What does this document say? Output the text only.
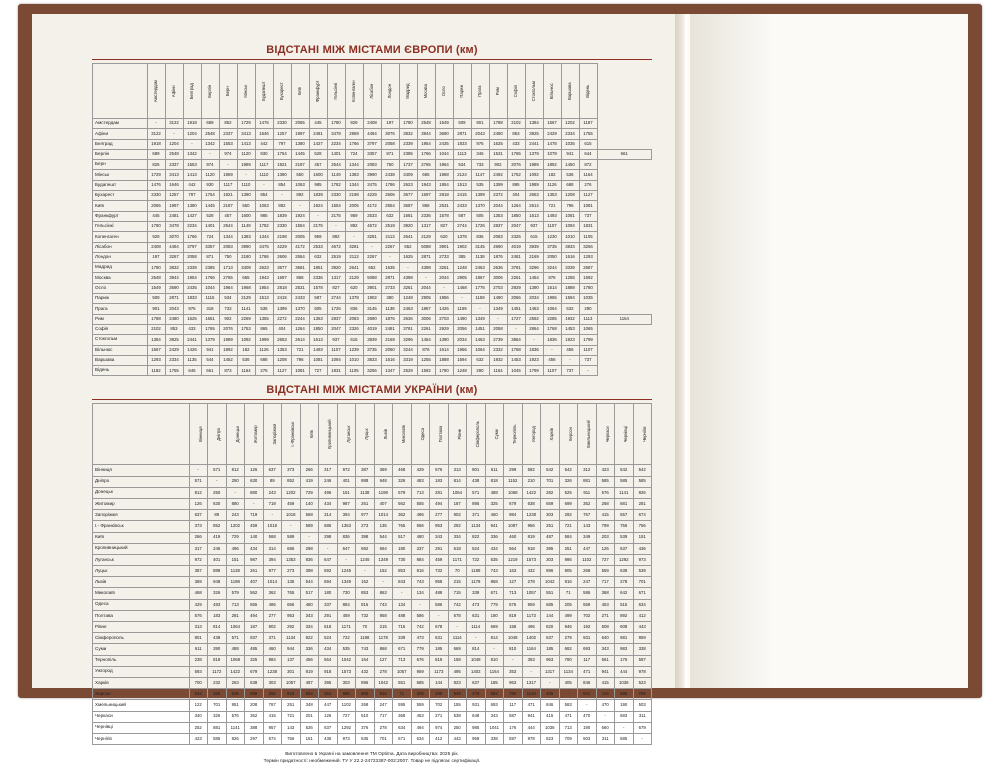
ВІДСТАНІ МІЖ МІСТАМИ ЄВРОПИ (км)

	Амстердам	Афіни	Белград	Берлін	Берн	Мінськ	Будапешт	Бухарест	Київ	Франкфурт	Гельсінкі	Копенгаген	Лісабон	Лондон	Мадрид	Москва	Осло	Париж	Прага	Рим	Софія	Стокгольм	Вільнюс	Варшава	Відень	

Амстердам	-	3122	1918	689	852	1729	1476	2330	2065	445	1780	929	2408	197	1780	2548	1549	509	901	1788	2102	1384	1567	1202	1187	
Афіни	3122	-	1204	2548	2337	3413	1646	1257	1997	2481	3478	2959	4494	3076	3832	3944	3690	2871	2043	2480	853	3925	2429	2334	1755	
Белград	1918	1204	-	1342	1553	1413	442	797	1380	1427	2234	1766	3797	2058	2339	1954	2435	1833	976	1625	433	2441	1478	1035	615	
Берлін	689	2548	1342	-	974	1120	930	1754	1445	528	1401	724	3357	871	2385	1766	1044	1113	346	1531	1765	1379	1078	941	644	661
Берн	825	2337	1553	974	-	1989	1117	1921	2187	457	2544	1344	2083	750	1737	2765	1964	534	733	902	2076	1989	1892	1450	872	
Мінськ	1729	3413	1413	1120	1959	-	1110	1390	550	1600	1149	1383	3990	2438	3409	665	1968	2124	1147	2492	1752	1092	182	536	1164	
Будапешт	1476	1646	442	930	1117	1110	-	854	1063	985	1782	1344	3475	1786	2623	1943	1954	1513	535	1399	895	1989	1126	688	276	
Бухарест	2330	1257	797	1754	1921	1390	854	-	892	1839	2330	2198	4229	2606	3677	1697	2818	2415	1399	2372	404	2653	1353	1208	1127	
Київ	2065	1997	1380	1445	2187	550	1063	892	-	1924	1554	2005	4172	2554	3687	868	2531	2433	1370	2044	1264	2614	721	796	1081	
Франкфурт	445	2481	1427	528	457	1600	985	1839	1924	-	2175	959	2533	632	1681	2336	1578	587	505	1353	1850	1613	1493	1081	737	
Гельсінкі	1780	3478	2234	1401	2544	1149	1782	2330	1554	2175	-	892	4672	2519	3920	1317	827	2744	1726	2837	2047	937	1107	1094	1831	
Копенгаген	929	3070	1766	724	1344	1383	1344	2198	2005	959	892	-	3281	2113	2641	2129	620	1378	836	2083	2326	615	1230	1010	1105	
Лісабон	2408	4494	3797	3357	2083	3990	3475	4229	4172	2533	4672	3281	-	2267	652	5088	3901	1902	3145	2690	4019	3939	3735	3833	3256	
Лондон	197	3267	2058	871	750	2180	1786	2606	2554	632	2519	2113	2267	-	1625	2871	2733	385	1138	1876	2481	2169	2050	1616	1293	
Мадрид	1780	3832	2339	2385	1713	3409	2623	3677	3681	1851	3920	2641	652	1635	-	4398	3261	1248	2463	2636	3781	3296	3244	3339	2687	
Москва	2548	3944	1954	1766	2765	665	1943	1697	868	2336	1317	2129	5088	2871	4398	-	2044	2905	1867	3006	2261	1454	876	1255	1592	
Осло	1549	3690	2435	1044	1964	1968	1954	2818	2531	1578	827	620	3901	2733	3261	2044	-	1468	1776	2703	2929	1390	1614	1888	1780	
Париж	509	2871	1833	1115	534	2129	1513	2415	2433	587	2744	1378	1902	380	1248	2905	1956	-	1159	1490	2056	2034	1965	1594	1035	
Прага	901	2043	976	318	733	1141	535	1399	1370	505	1726	836	3145	1138	2463	1867	1426	1159	-	1349	1451	1463	1064	632	290	
Рим	1788	2480	1625	1651	902	2269	1355	2272	2244	1353	2837	2083	2690	1876	2636	3006	2703	1490	1349	-	1727	2592	2285	1932	1113	1164
Софія	2102	853	433	1765	2076	1753	865	404	1264	1850	2047	2326	4019	2481	3781	2261	2929	2056	1451	2058	-	2864	1768	1453	1065	
Стокгольм	1384	3925	2441	1379	1989	1092	1999	2653	2614	1613	937	615	3939	2169	3296	1454	1390	2034	1463	2739	3864	-	1836	1923	1799	
Вільнюс	1567	2429	1426	941	1892	182	1126	1353	721	1493	1107	1239	3735	2050	3244	876	1614	1956	1064	2332	1768	1836	-	456	1107	
Варшава	1293	2334	1135	544	1452	536	688	1208	796	1081	1094	1010	3833	1616	3319	1255	1888	1594	632	1932	1453	1923	456	-	737	
Відень	1182	1755	646	661	873	1164	276	1127	1081	727	1831	1105	3256	1347	2529	1592	1780	1248	290	1164	1045	1799	1107	737	-	
ВІДСТАНІ МІЖ МІСТАМИ УКРАЇНИ (км)

	Вінниця	Дніпро	Донецьк	Житомир	Запоріжжя	І.-Франківськ	Київ	Кропивницький	Луганськ	Луцьк	Львів	Миколаїв	Одеса	Полтава	Рівне	Сімферополь	Суми	Тернопіль	Ужгород	Харків	Херсон	Хмельницький	Черкаси	Чернівці	Чернігів

Вінниця	-	571	812	126	637	373	266	317	972	387	369	468	429	576	313	801	611	299	582	542	542	312	423	542	542
Дніпро	571	-	250	630	89	852	419	246	401	888	948	326	483	183	814	438	818	1152	210	701	326	881	585	585	585
Донецьк	812	250	-	880	243	1202	729	496	151	1138	1198	579	713	281	1064	571	488	1068	1422	282	525	911	576	1141	826
Житомир	126	630	880	-	719	459	140	434	987	261	407	562	555	494	187	895	325	679	638	659	699	352	268	681	281
Запоріжжя	637	89	243	719	-	1018	568	314	394	977	1014	362	486	277	902	371	460	984	1238	303	292	767	415	557	674
І.- Франківськ	373	852	1202	459	1018	-	589	686	1353	273	135	765	656	953	292	1134	941	1087	956	251	721	143	799	756	756
Київ	266	419	729	140	568	589	-	298	836	398	544	517	480	343	334	822	336	460	819	487	584	349	203	539	151
Кропивницький	317	246	496	434	314	686	298	-	647	692	694	180	337	291	618	524	434	564	918	395	251	447	126	637	436
Луганськ	972	401	151	987	394	1353	836	647	-	1245	1349	730	884	459	1171	722	535	1219	1573	303	986	1102	727	1292	973
Луцьк	387	888	1138	261	977	273	398	692	1245	-	152	853	816	732	70	1188	743	163	432	896	905	268	559	639	539
Львів	369	948	1198	407	1014	135	544	694	1349	152	-	843	743	958	215	1178	868	127	278	1042	916	247	717	278	701
Миколаїв	468	326	579	562	362	765	517	180	730	853	863	-	134	488	715	339	671	713	1057	551	71	595	368	642	671
Одеса	429	483	713	555	486	656	480	337	884	816	743	134	-	586	742	473	779	576	959	685	205	559	453	515	634
Полтава	576	183	281	494	277	953	343	291	459	732	958	488	586	-	678	631	180	819	1173	144	499	702	271	892	412
Рівне	313	814	1064	187	902	292	334	618	1171	70	215	715	742	678	-	1114	669	158	495	820	946	192	508	608	443
Сімферополь	801	438	571	937	371	1134	822	524	722	1188	1178	339	473	631	1114	-	814	1048	1402	637	279	931	640	981	959
Суми	611	390	488	485	460	944	336	434	535	743	868	671	779	185	669	814	-	810	1164	185	682	693	343	983	338
Тернопіль	238	818	1068	325	884	137	456	564	1042	164	127	713	676	819	158	1048	810	-	353	963	780	117	561	176	597
Ужгород	593	1172	1422	679	1238	301	819	918	1573	432	278	1057	959	1173	495	1402	1164	353	-	1317	1134	471	941	444	978
Харків	700	232	263	638	303	1057	487	395	303	896	1042	551	685	144	823	637	185	963	1317	-	405	846	415	1036	523
Херсон	542	326	525	699	292	815	584	251	986	905	916	71	205	499	946	279	682	780	1134	405	-	641	416	690	709
Хмельницький	122	701	951	208	767	251	348	447	1102	268	247	595	559	702	155	931	693	117	471	846	583	-	470	190	503
Черкаси	340	326	576	352	415	721	201	126	727	610	717	368	453	271	538	648	343	587	941	415	471	470	-	683	311
Чернівці	252	881	1141	388	957	143	526	637	1292	376	278	634	494	974	250	985	1041	176	444	1036	713	190	660	-	679
Чернігів	423	585	826	297	674	756	151	436	973	535	701	671	634	412	443	959	338	597	978	523	709	503	311	685	-
Виготовлено в Україні на замовлення ТМ Optima. Дата виробництва: 2025 рік.
Термін придатності: необмежений. ТУ У 22.2-24723387-002:2007. Товар не підлягає сертифікації.
